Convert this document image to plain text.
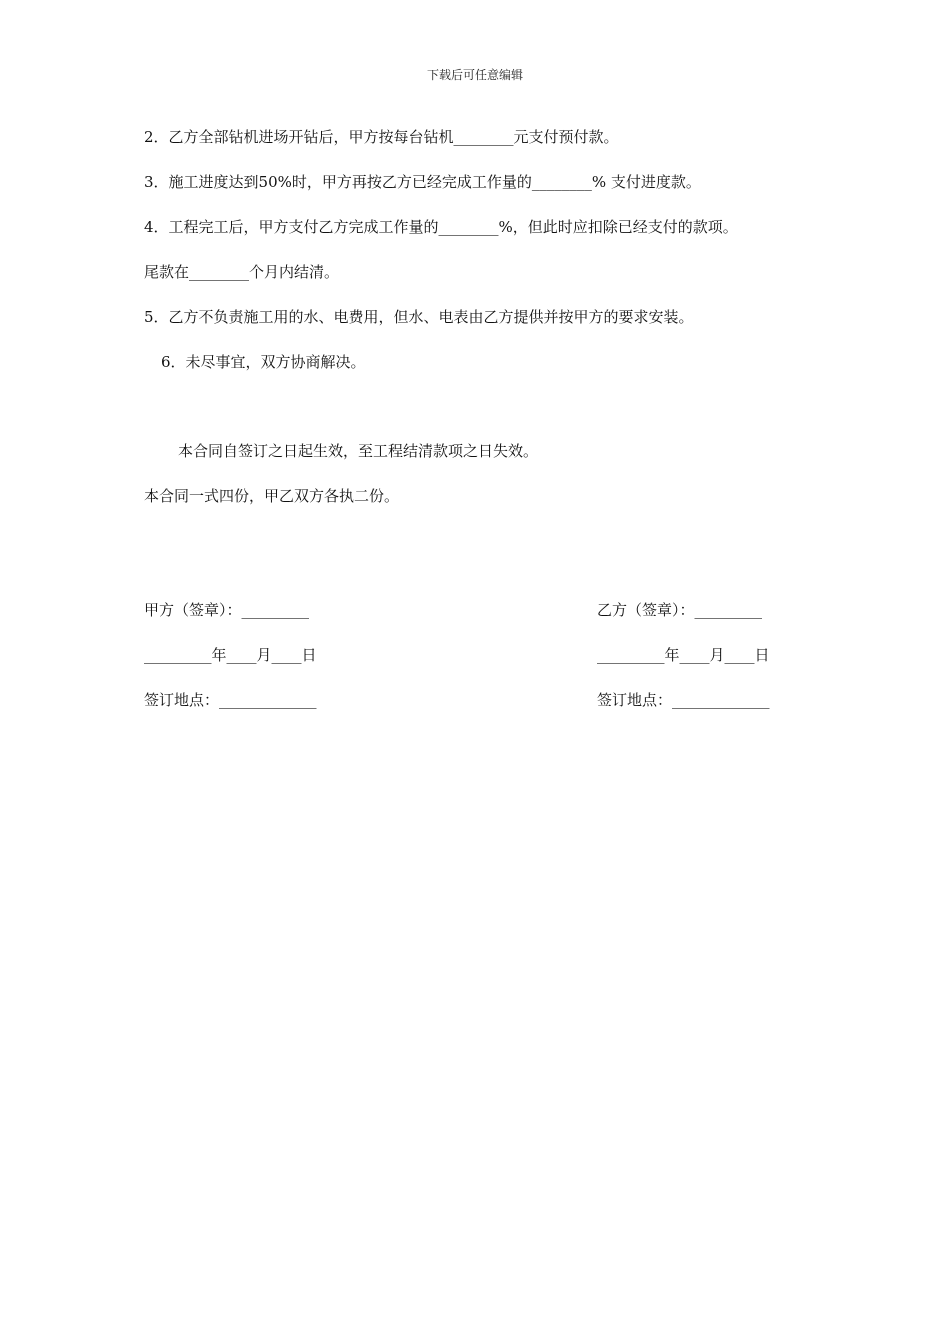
下载后可任意编辑
2．乙方全部钻机进场开钻后，甲方按每台钻机________元支付预付款。
3．施工进度达到50%时，甲方再按乙方已经完成工作量的________% 支付进度款。
4．工程完工后，甲方支付乙方完成工作量的________%，但此时应扣除已经支付的款项。
尾款在________个月内结清。
5．乙方不负责施工用的水、电费用，但水、电表由乙方提供并按甲方的要求安装。
6．未尽事宜，双方协商解决。
本合同自签订之日起生效，至工程结清款项之日失效。
本合同一式四份，甲乙双方各执二份。
甲方（签章）：_________
_________年____月____日
签订地点：_____________
乙方（签章）：_________
_________年____月____日
签订地点：_____________
